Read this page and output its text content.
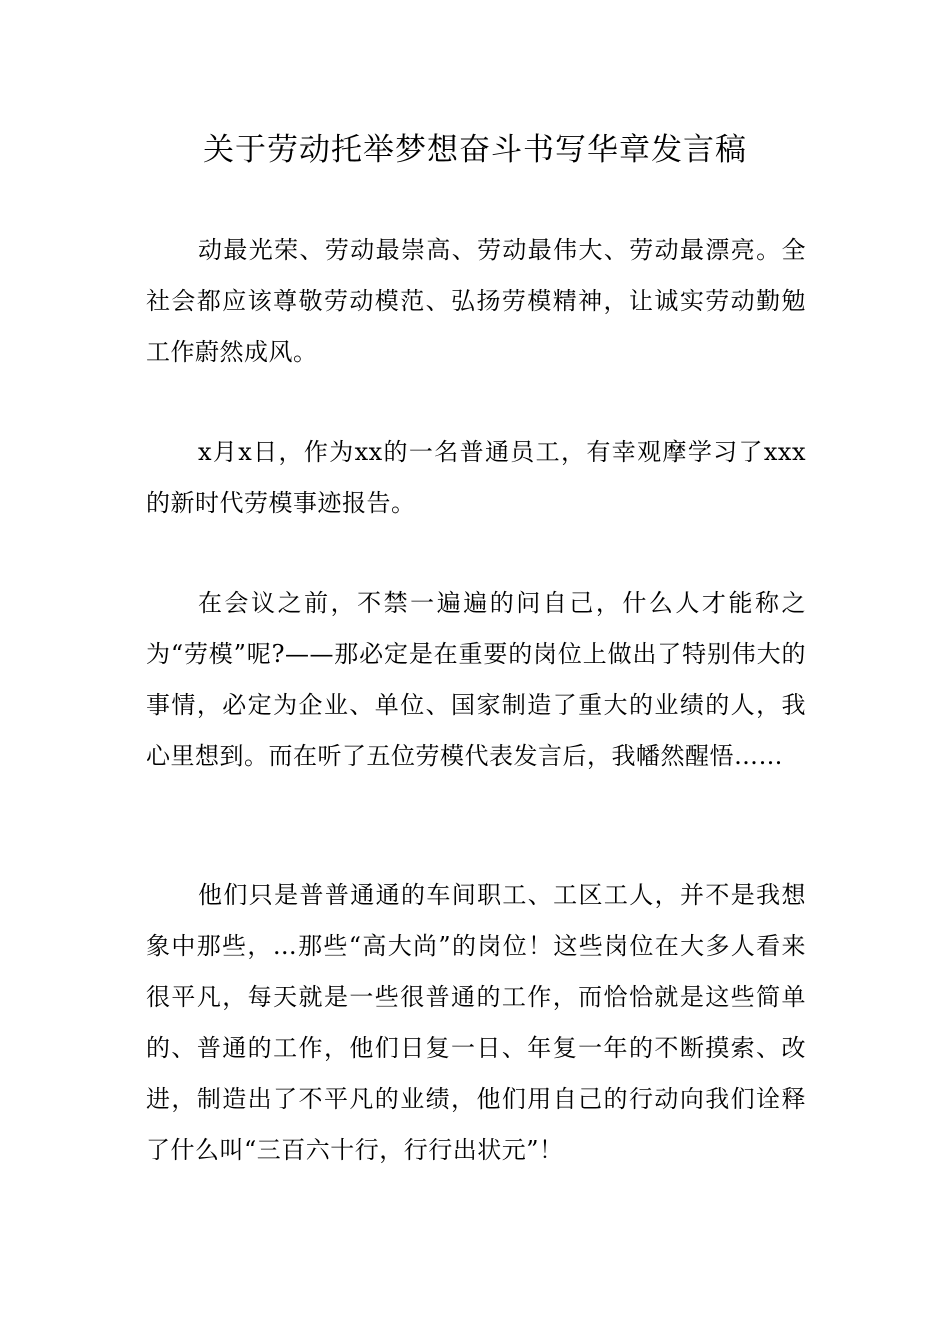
关于劳动托举梦想奋斗书写华章发言稿

动最光荣、劳动最崇高、劳动最伟大、劳动最漂亮。全社会都应该尊敬劳动模范、弘扬劳模精神，让诚实劳动勤勉工作蔚然成风。

x月x日，作为xx的一名普通员工，有幸观摩学习了xxx的新时代劳模事迹报告。

在会议之前，不禁一遍遍的问自己，什么人才能称之为“劳模”呢?——那必定是在重要的岗位上做出了特别伟大的事情，必定为企业、单位、国家制造了重大的业绩的人，我心里想到。而在听了五位劳模代表发言后，我幡然醒悟……

他们只是普普通通的车间职工、工区工人，并不是我想象中那些，…那些“高大尚”的岗位！这些岗位在大多人看来很平凡，每天就是一些很普通的工作，而恰恰就是这些简单的、普通的工作，他们日复一日、年复一年的不断摸索、改进，制造出了不平凡的业绩，他们用自己的行动向我们诠释了什么叫“三百六十行，行行出状元”！
